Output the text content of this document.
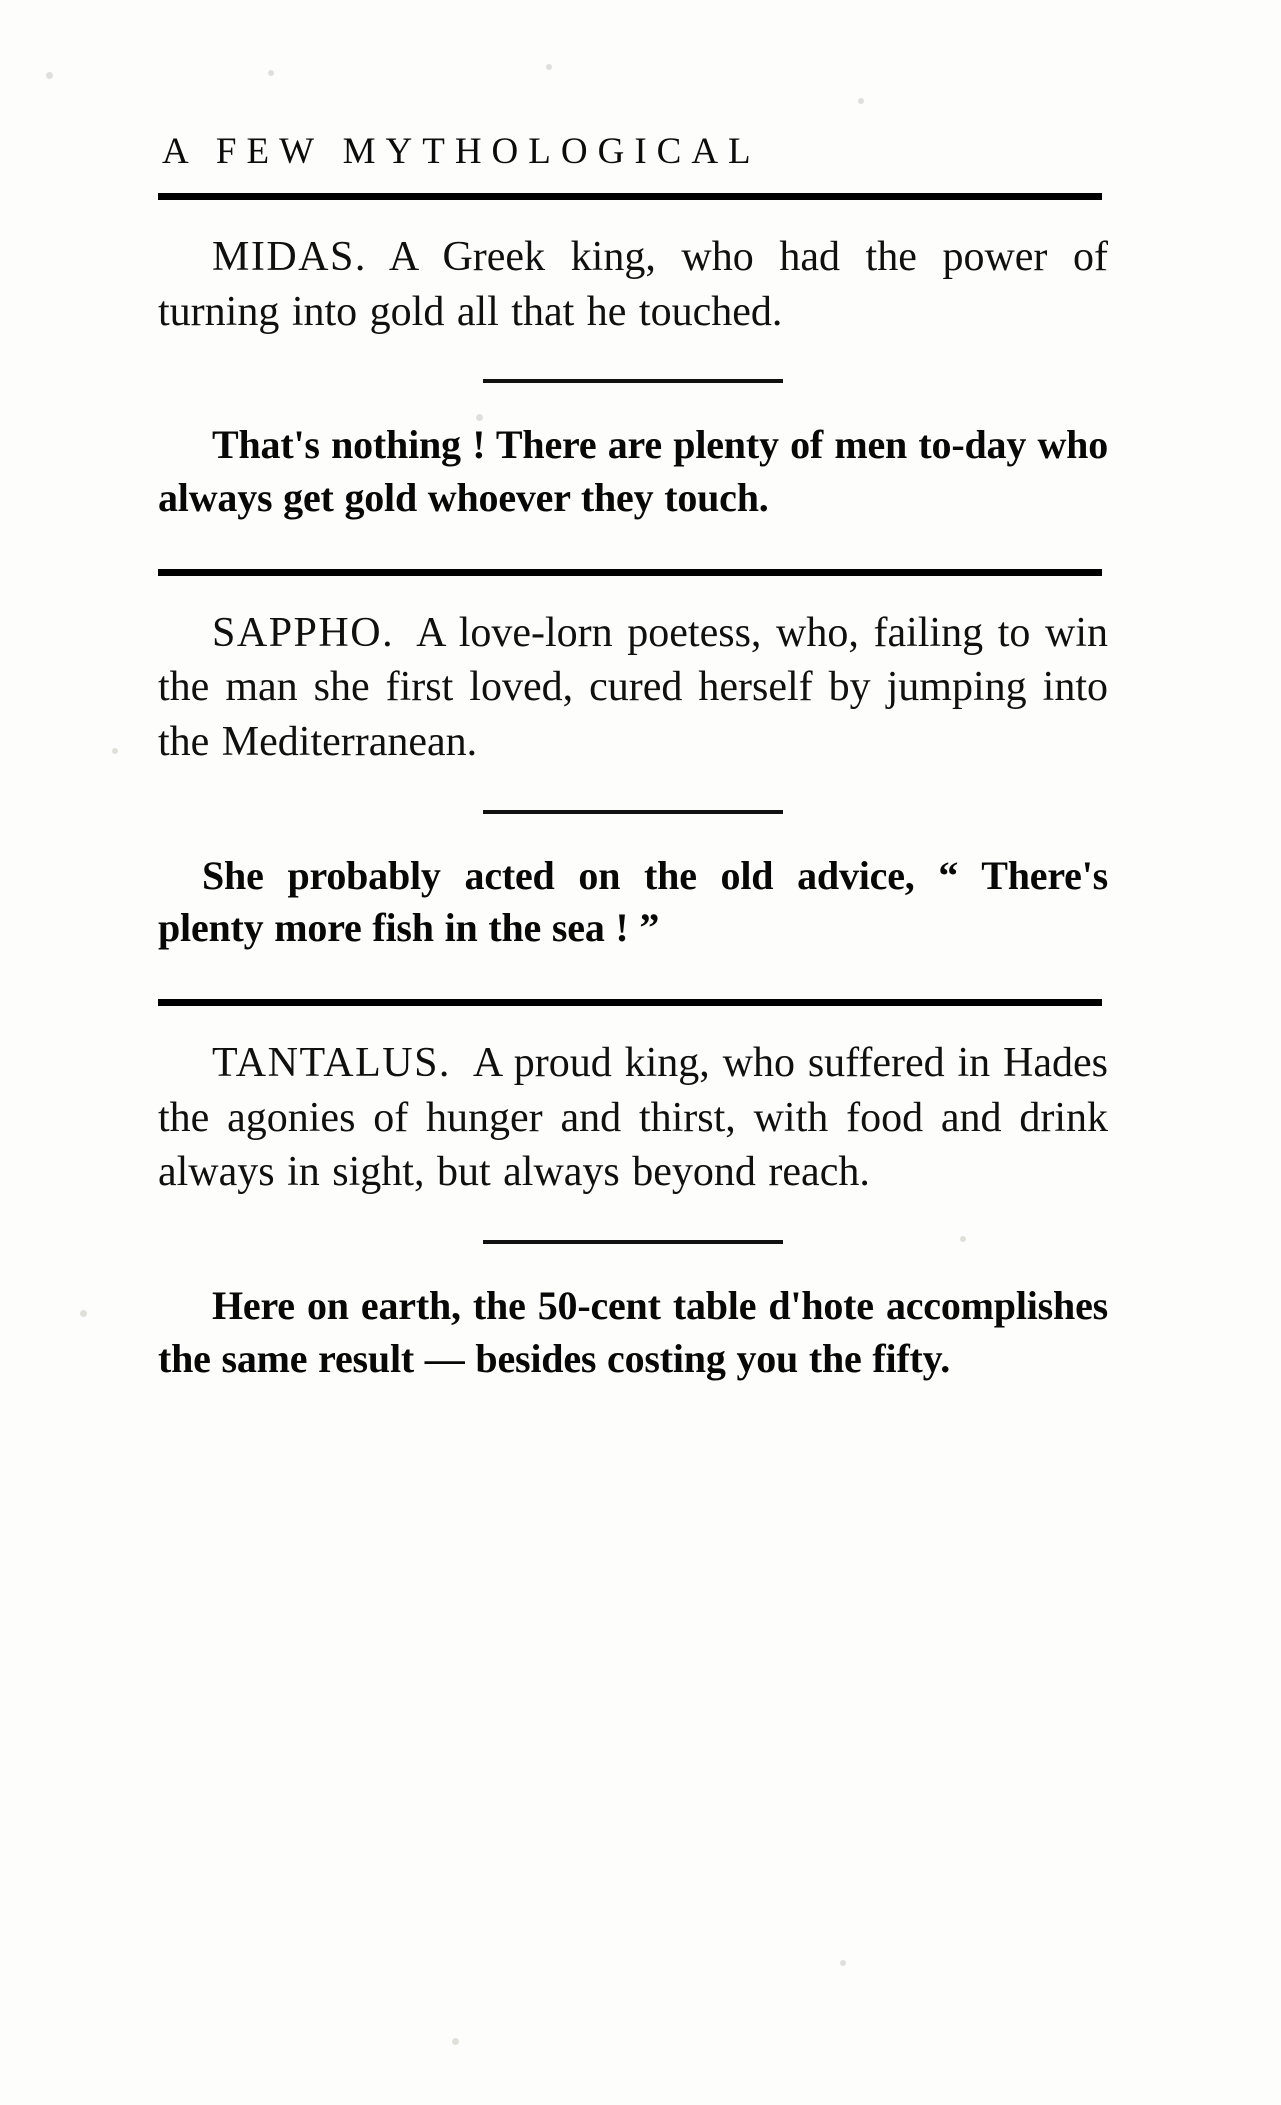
A FEW MYTHOLOGICAL

MIDAS. A Greek king, who had the power of turning into gold all that he touched.

That's nothing ! There are plenty of men to-day who always get gold whoever they touch.

SAPPHO. A love-lorn poetess, who, failing to win the man she first loved, cured herself by jumping into the Mediterranean.

She probably acted on the old advice, “ There's plenty more fish in the sea ! ”

TANTALUS. A proud king, who suffered in Hades the agonies of hunger and thirst, with food and drink always in sight, but always beyond reach.

Here on earth, the 50-cent table d'hote accomplishes the same result — besides costing you the fifty.
